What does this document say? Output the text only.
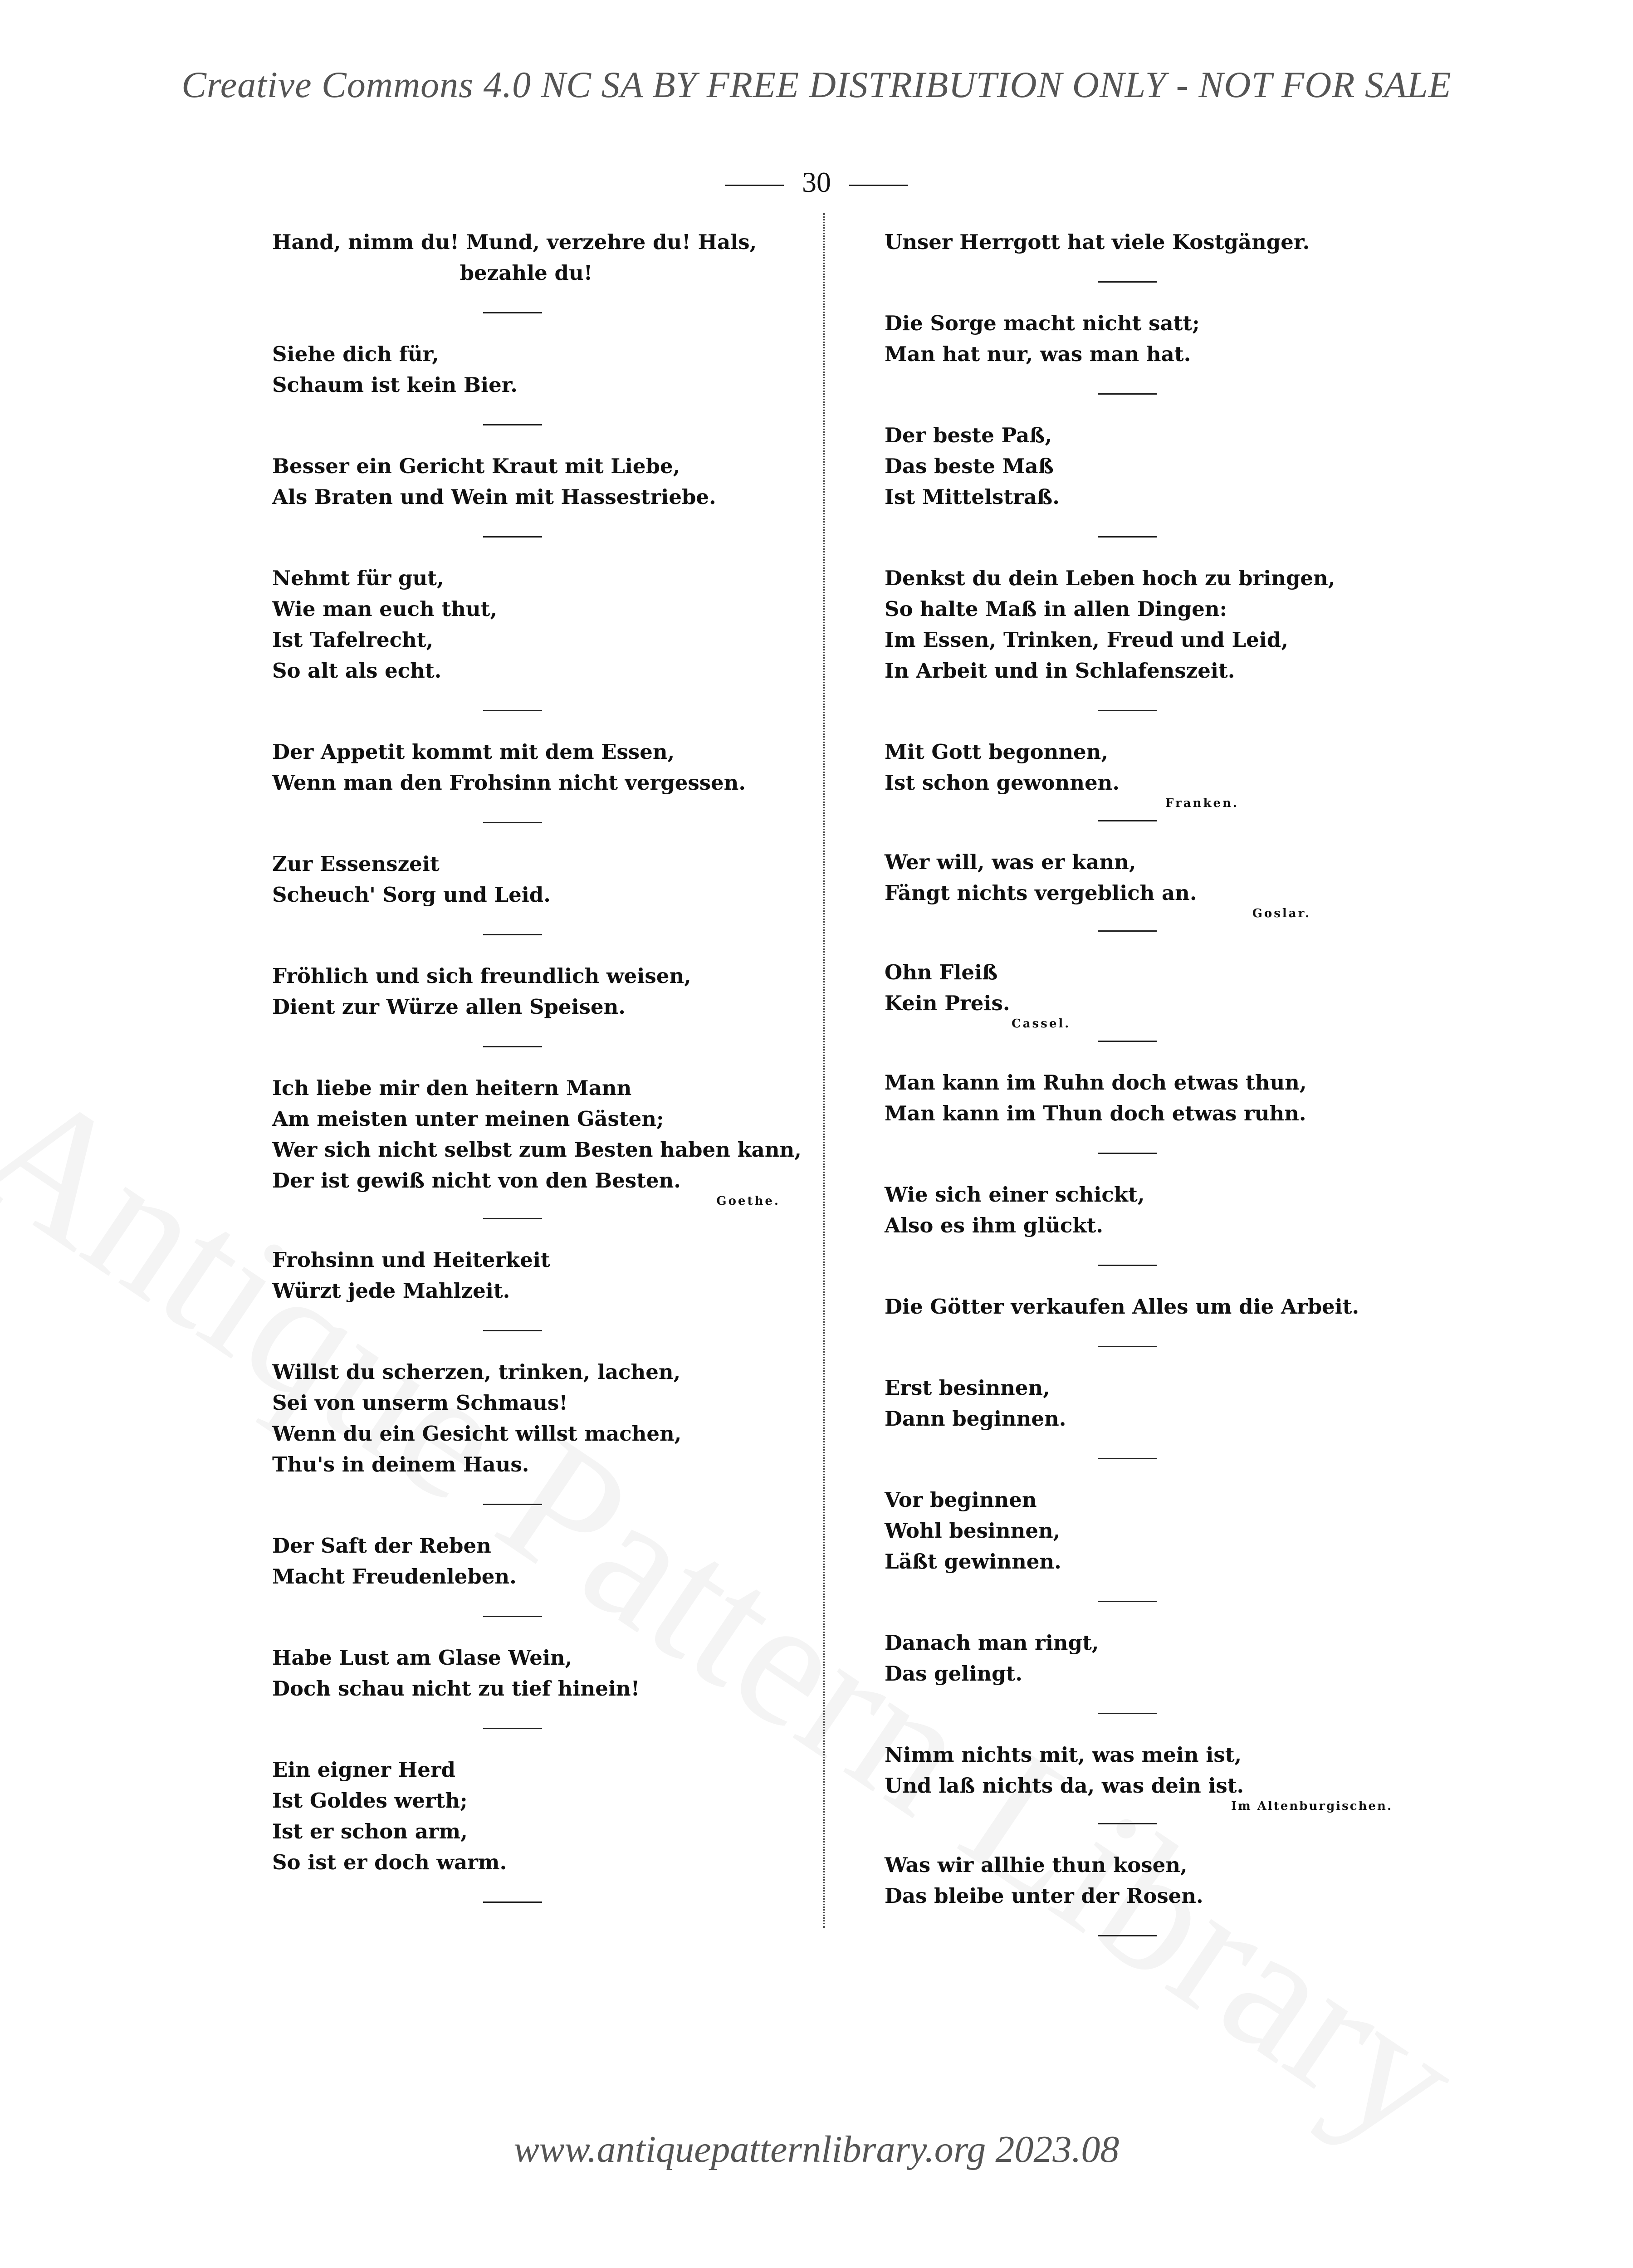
Creative Commons 4.0 NC SA BY FREE DISTRIBUTION ONLY - NOT FOR SALE
30
Hand, nimm du! Mund, verzehre du! Hals,
bezahle du!
Siehe dich für,
Schaum ist kein Bier.
Besser ein Gericht Kraut mit Liebe,
Als Braten und Wein mit Hassestriebe.
Nehmt für gut,
Wie man euch thut,
Ist Tafelrecht,
So alt als echt.
Der Appetit kommt mit dem Essen,
Wenn man den Frohsinn nicht vergessen.
Zur Essenszeit
Scheuch' Sorg und Leid.
Fröhlich und sich freundlich weisen,
Dient zur Würze allen Speisen.
Ich liebe mir den heitern Mann
Am meisten unter meinen Gästen;
Wer sich nicht selbst zum Besten haben kann,
Der ist gewiß nicht von den Besten.
Goethe.
Frohsinn und Heiterkeit
Würzt jede Mahlzeit.
Willst du scherzen, trinken, lachen,
Sei von unserm Schmaus!
Wenn du ein Gesicht willst machen,
Thu's in deinem Haus.
Der Saft der Reben
Macht Freudenleben.
Habe Lust am Glase Wein,
Doch schau nicht zu tief hinein!
Ein eigner Herd
Ist Goldes werth;
Ist er schon arm,
So ist er doch warm.
Unser Herrgott hat viele Kostgänger.
Die Sorge macht nicht satt;
Man hat nur, was man hat.
Der beste Paß,
Das beste Maß
Ist Mittelstraß.
Denkst du dein Leben hoch zu bringen,
So halte Maß in allen Dingen:
Im Essen, Trinken, Freud und Leid,
In Arbeit und in Schlafenszeit.
Mit Gott begonnen,
Ist schon gewonnen.
Franken.
Wer will, was er kann,
Fängt nichts vergeblich an.
Goslar.
Ohn Fleiß
Kein Preis.
Cassel.
Man kann im Ruhn doch etwas thun,
Man kann im Thun doch etwas ruhn.
Wie sich einer schickt,
Also es ihm glückt.
Die Götter verkaufen Alles um die Arbeit.
Erst besinnen,
Dann beginnen.
Vor beginnen
Wohl besinnen,
Läßt gewinnen.
Danach man ringt,
Das gelingt.
Nimm nichts mit, was mein ist,
Und laß nichts da, was dein ist.
Im Altenburgischen.
Was wir allhie thun kosen,
Das bleibe unter der Rosen.
www.antiquepatternlibrary.org 2023.08
